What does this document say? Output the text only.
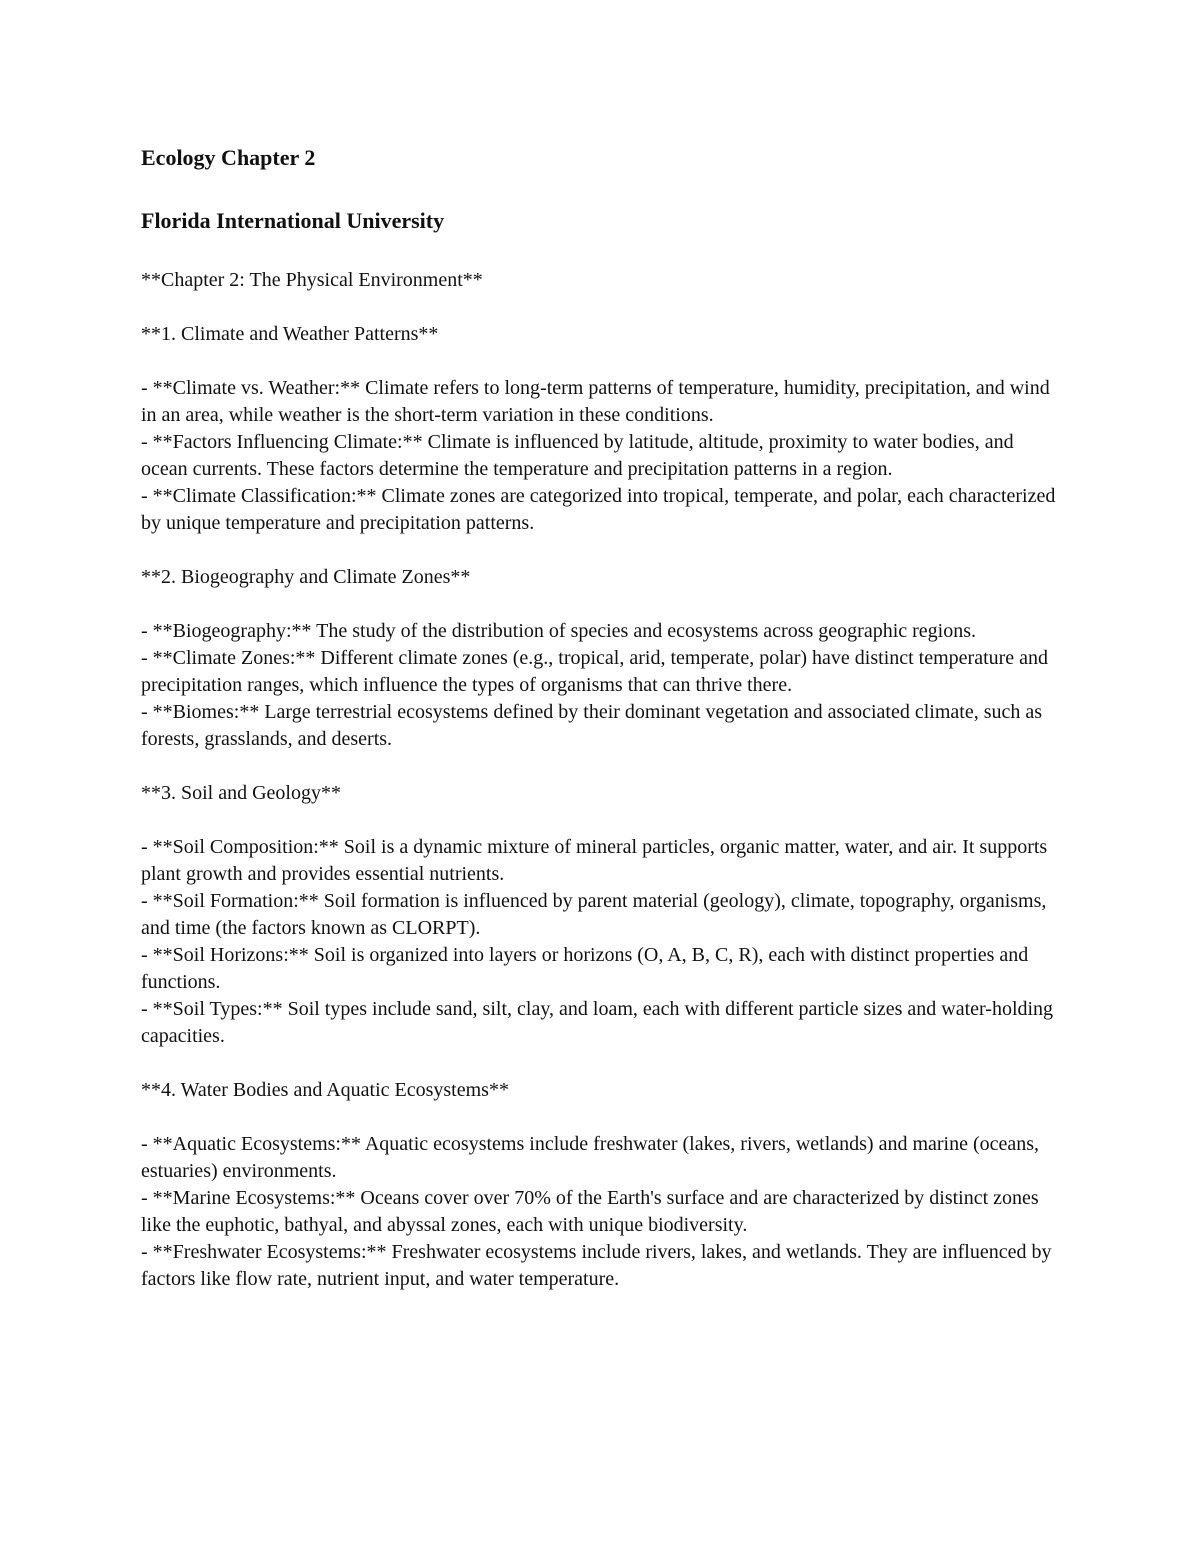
Ecology Chapter 2
Florida International University

**Chapter 2: The Physical Environment**

**1. Climate and Weather Patterns**

- **Climate vs. Weather:** Climate refers to long-term patterns of temperature, humidity, precipitation, and wind in an area, while weather is the short-term variation in these conditions.

- **Factors Influencing Climate:** Climate is influenced by latitude, altitude, proximity to water bodies, and ocean currents. These factors determine the temperature and precipitation patterns in a region.

- **Climate Classification:** Climate zones are categorized into tropical, temperate, and polar, each characterized by unique temperature and precipitation patterns.

**2. Biogeography and Climate Zones**

- **Biogeography:** The study of the distribution of species and ecosystems across geographic regions.

- **Climate Zones:** Different climate zones (e.g., tropical, arid, temperate, polar) have distinct temperature and precipitation ranges, which influence the types of organisms that can thrive there.

- **Biomes:** Large terrestrial ecosystems defined by their dominant vegetation and associated climate, such as forests, grasslands, and deserts.

**3. Soil and Geology**

- **Soil Composition:** Soil is a dynamic mixture of mineral particles, organic matter, water, and air. It supports plant growth and provides essential nutrients.

- **Soil Formation:** Soil formation is influenced by parent material (geology), climate, topography, organisms, and time (the factors known as CLORPT).

- **Soil Horizons:** Soil is organized into layers or horizons (O, A, B, C, R), each with distinct properties and functions.

- **Soil Types:** Soil types include sand, silt, clay, and loam, each with different particle sizes and water-holding capacities.

**4. Water Bodies and Aquatic Ecosystems**

- **Aquatic Ecosystems:** Aquatic ecosystems include freshwater (lakes, rivers, wetlands) and marine (oceans, estuaries) environments.

- **Marine Ecosystems:** Oceans cover over 70% of the Earth's surface and are characterized by distinct zones like the euphotic, bathyal, and abyssal zones, each with unique biodiversity.

- **Freshwater Ecosystems:** Freshwater ecosystems include rivers, lakes, and wetlands. They are influenced by factors like flow rate, nutrient input, and water temperature.
